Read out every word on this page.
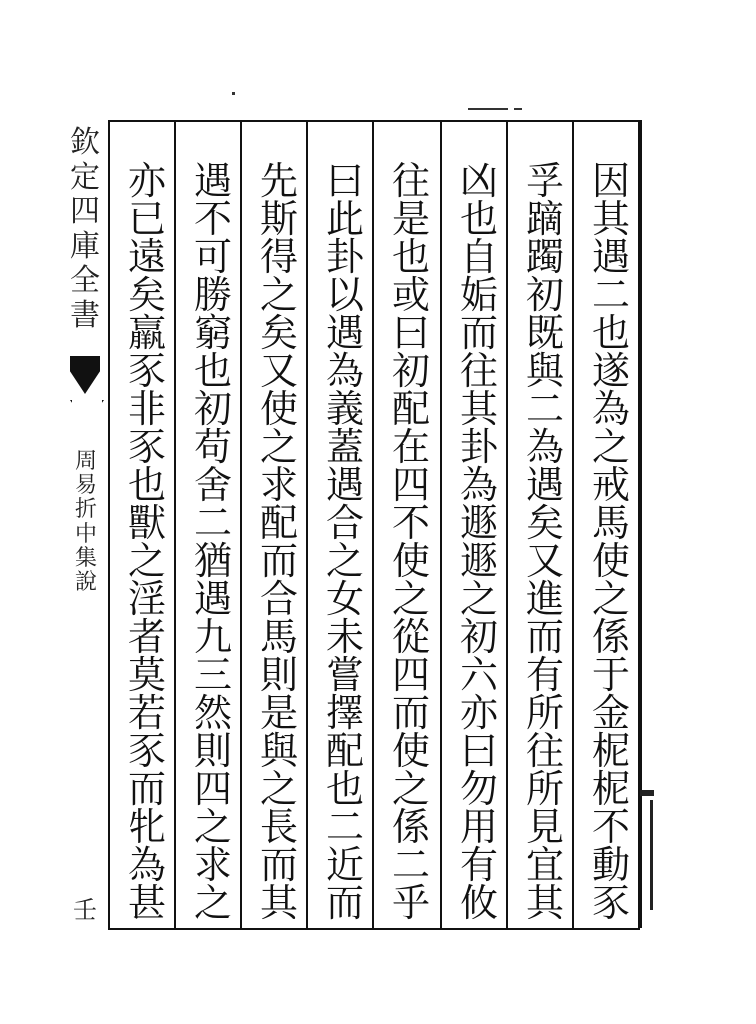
欽
定
四
庫
全
書
周
易
折
中
集
說
壬
因
其
遇
二
也
遂
為
之
戒
馬
使
之
係
于
金
柅
柅
不
動
豕
孚
蹢
躅
初
既
與
二
為
遇
矣
又
進
而
有
所
往
所
見
宜
其
凶
也
自
姤
而
往
其
卦
為
遯
遯
之
初
六
亦
曰
勿
用
有
攸
往
是
也
或
曰
初
配
在
四
不
使
之
從
四
而
使
之
係
二
乎
曰
此
卦
以
遇
為
義
蓋
遇
合
之
女
未
嘗
擇
配
也
二
近
而
先
斯
得
之
矣
又
使
之
求
配
而
合
馬
則
是
與
之
長
而
其
遇
不
可
勝
窮
也
初
苟
舍
二
猶
遇
九
三
然
則
四
之
求
之
亦
已
遠
矣
羸
豕
非
豕
也
獸
之
淫
者
莫
若
豕
而
牝
為
甚
